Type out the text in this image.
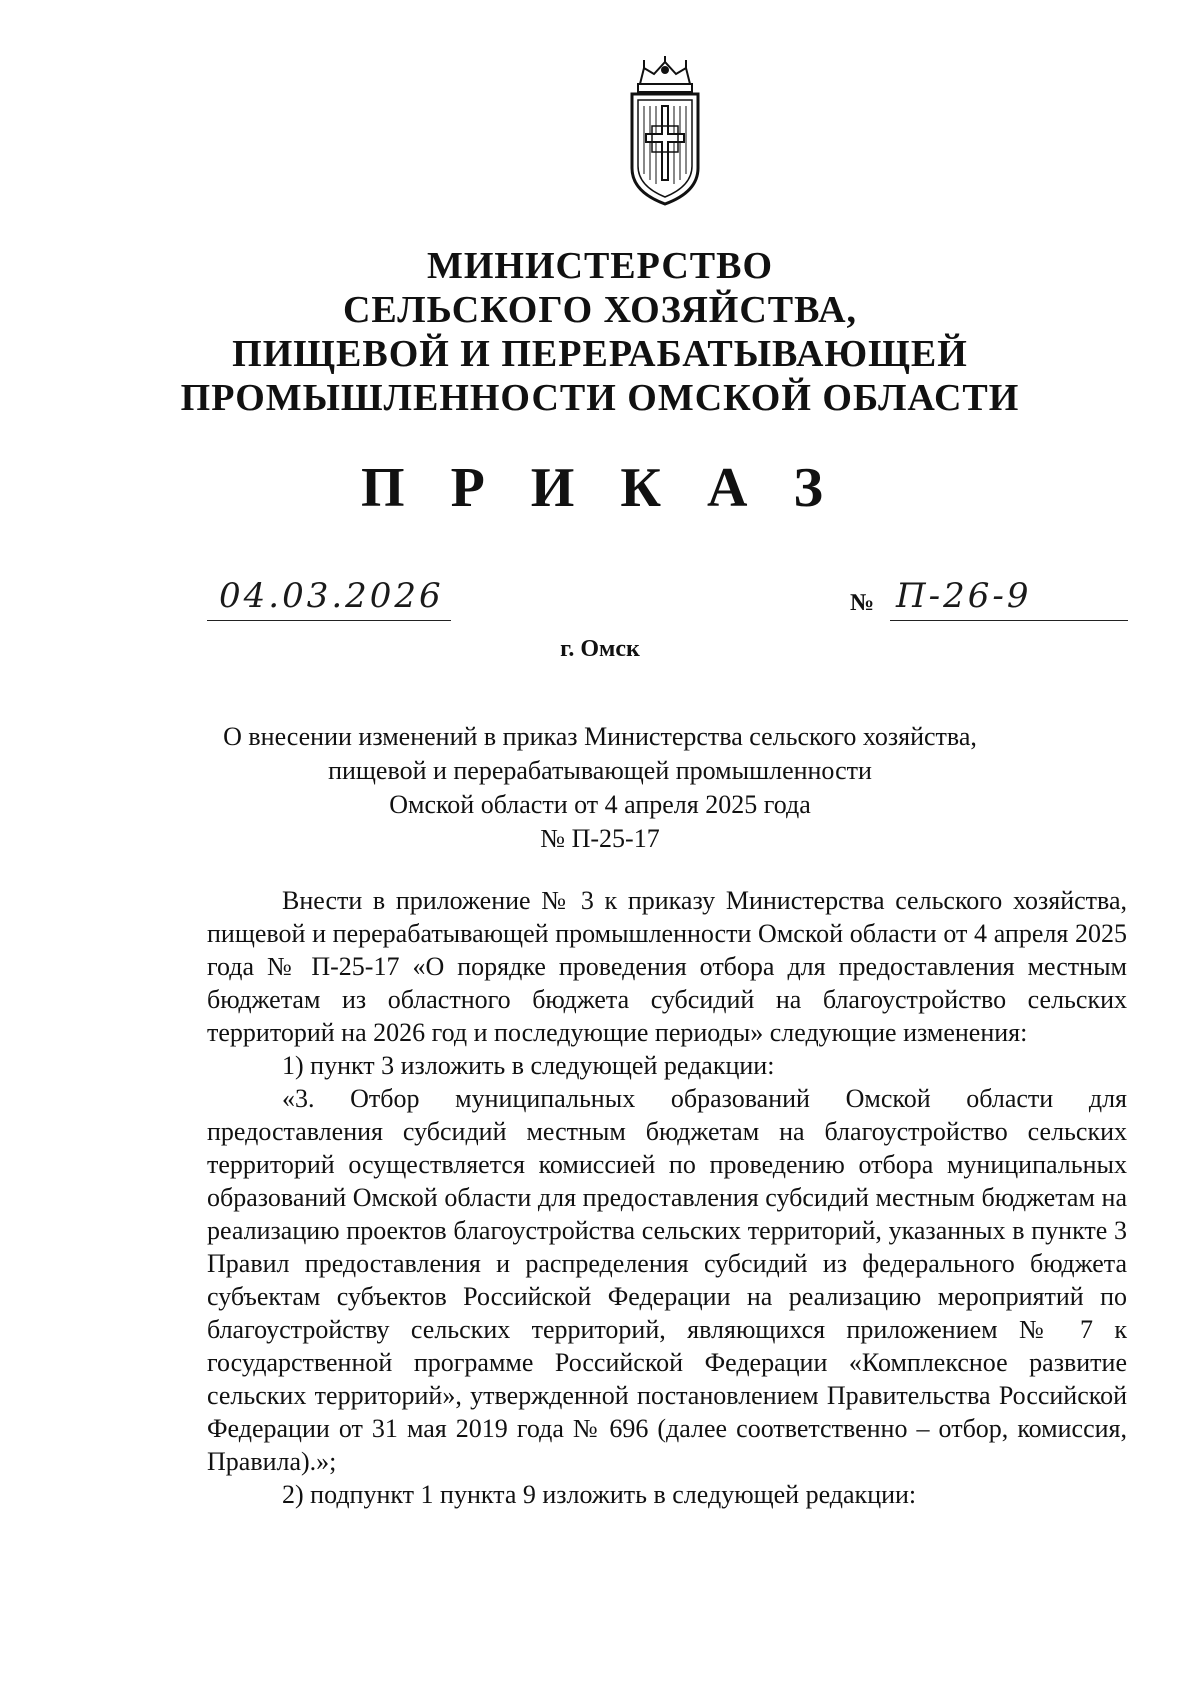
МИНИСТЕРСТВО
СЕЛЬСКОГО ХОЗЯЙСТВА,
ПИЩЕВОЙ И ПЕРЕРАБАТЫВАЮЩЕЙ
ПРОМЫШЛЕННОСТИ ОМСКОЙ ОБЛАСТИ
П Р И К А З
04.03.2026	№ П-26-9
г. Омск
О внесении изменений в приказ Министерства сельского хозяйства,
пищевой и перерабатывающей промышленности
Омской области от 4 апреля 2025 года
№ П-25-17

Внести в приложение № 3 к приказу Министерства сельского хозяйства, пищевой и перерабатывающей промышленности Омской области от 4 апреля 2025 года № П-25-17 «О порядке проведения отбора для предоставления местным бюджетам из областного бюджета субсидий на благоустройство сельских территорий на 2026 год и последующие периоды» следующие изменения:

1) пункт 3 изложить в следующей редакции:

«3. Отбор муниципальных образований Омской области для предоставления субсидий местным бюджетам на благоустройство сельских территорий осуществляется комиссией по проведению отбора муниципальных образований Омской области для предоставления субсидий местным бюджетам на реализацию проектов благоустройства сельских территорий, указанных в пункте 3 Правил предоставления и распределения субсидий из федерального бюджета субъектам субъектов Российской Федерации на реализацию мероприятий по благоустройству сельских территорий, являющихся приложением № 7 к государственной программе Российской Федерации «Комплексное развитие сельских территорий», утвержденной постановлением Правительства Российской Федерации от 31 мая 2019 года № 696 (далее соответственно – отбор, комиссия, Правила).»;

2) подпункт 1 пункта 9 изложить в следующей редакции:
